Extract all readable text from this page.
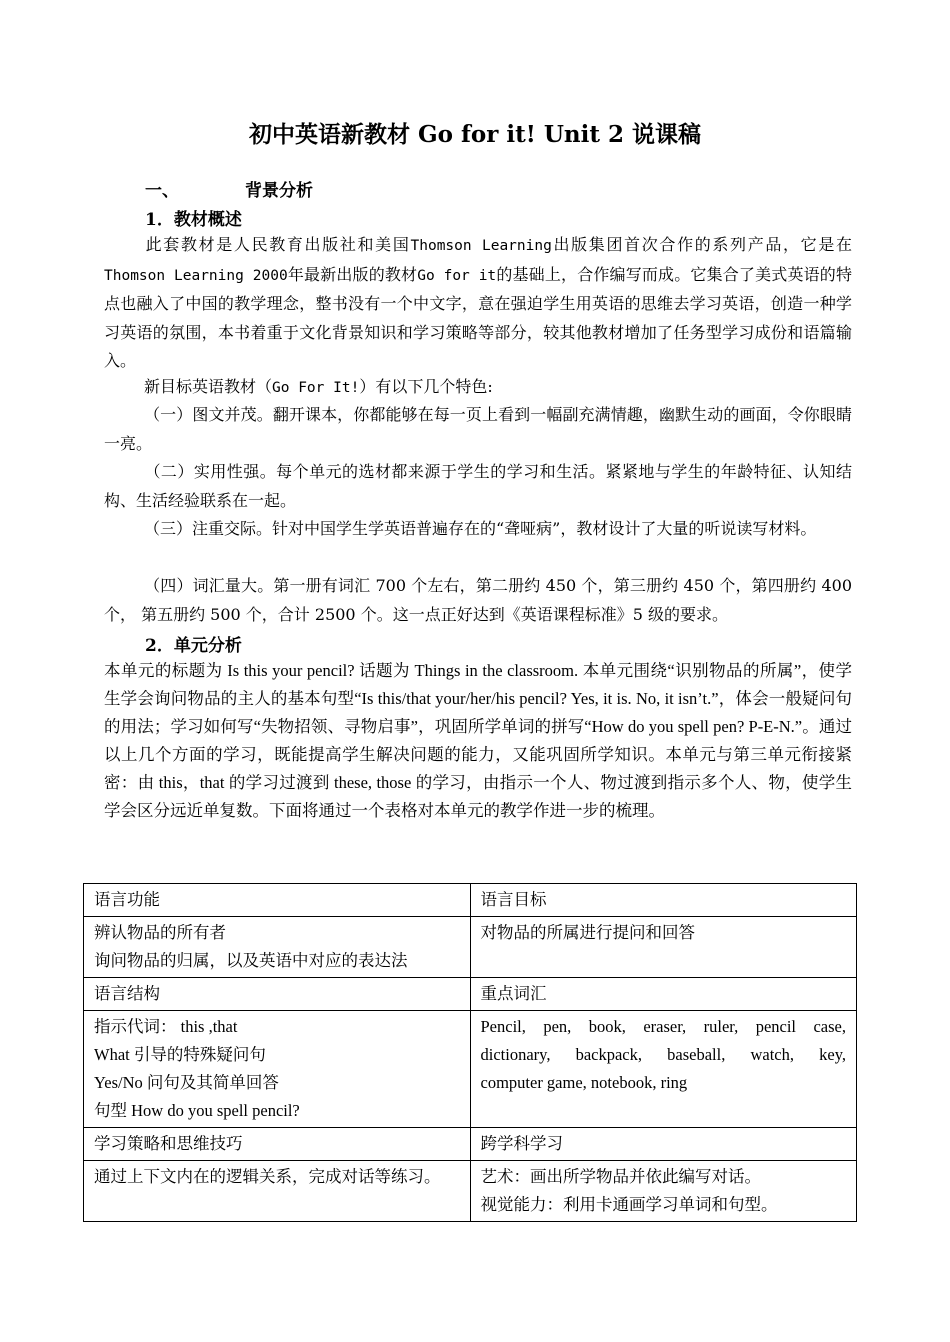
初中英语新教材 Go for it! Unit 2 说课稿
一、	背景分析
1．教材概述
此套教材是人民教育出版社和美国Thomson Learning出版集团首次合作的系列产品，它是在Thomson Learning 2000年最新出版的教材Go for it的基础上，合作编写而成。它集合了美式英语的特点也融入了中国的教学理念，整书没有一个中文字，意在强迫学生用英语的思维去学习英语，创造一种学习英语的氛围，本书着重于文化背景知识和学习策略等部分，较其他教材增加了任务型学习成份和语篇输入。
新目标英语教材（Go For It!）有以下几个特色:
（一）图文并茂。翻开课本，你都能够在每一页上看到一幅副充满情趣，幽默生动的画面，令你眼睛一亮。
（二）实用性强。每个单元的选材都来源于学生的学习和生活。紧紧地与学生的年龄特征、认知结构、生活经验联系在一起。
（三）注重交际。针对中国学生学英语普遍存在的“聋哑病”，教材设计了大量的听说读写材料。
（四）词汇量大。第一册有词汇 700 个左右，第二册约 450 个，第三册约 450 个，第四册约 400 个， 第五册约 500 个，合计 2500 个。这一点正好达到《英语课程标准》5 级的要求。
2．单元分析
本单元的标题为 Is this your pencil? 话题为 Things in the classroom. 本单元围绕“识别物品的所属”，使学生学会询问物品的主人的基本句型“Is this/that your/her/his pencil? Yes, it is. No, it isn’t.”，体会一般疑问句的用法；学习如何写“失物招领、寻物启事”，巩固所学单词的拼写“How do you spell pen? P-E-N.”。通过以上几个方面的学习，既能提高学生解决问题的能力，又能巩固所学知识。本单元与第三单元衔接紧密：由 this，that 的学习过渡到 these, those 的学习，由指示一个人、物过渡到指示多个人、物，使学生学会区分远近单复数。下面将通过一个表格对本单元的教学作进一步的梳理。
语言功能	语言目标

辨认物品的所有者
询问物品的归属，以及英语中对应的表达法	对物品的所属进行提问和回答
语言结构	重点词汇

指示代词： this ,that
What 引导的特殊疑问句
Yes/No 问句及其简单回答
句型 How do you spell pencil?	Pencil, pen, book, eraser, ruler, pencil case,
dictionary, backpack, baseball, watch, key,
computer game, notebook, ring

学习策略和思维技巧	跨学科学习
通过上下文内在的逻辑关系，完成对话等练习。	艺术：画出所学物品并依此编写对话。
视觉能力：利用卡通画学习单词和句型。
